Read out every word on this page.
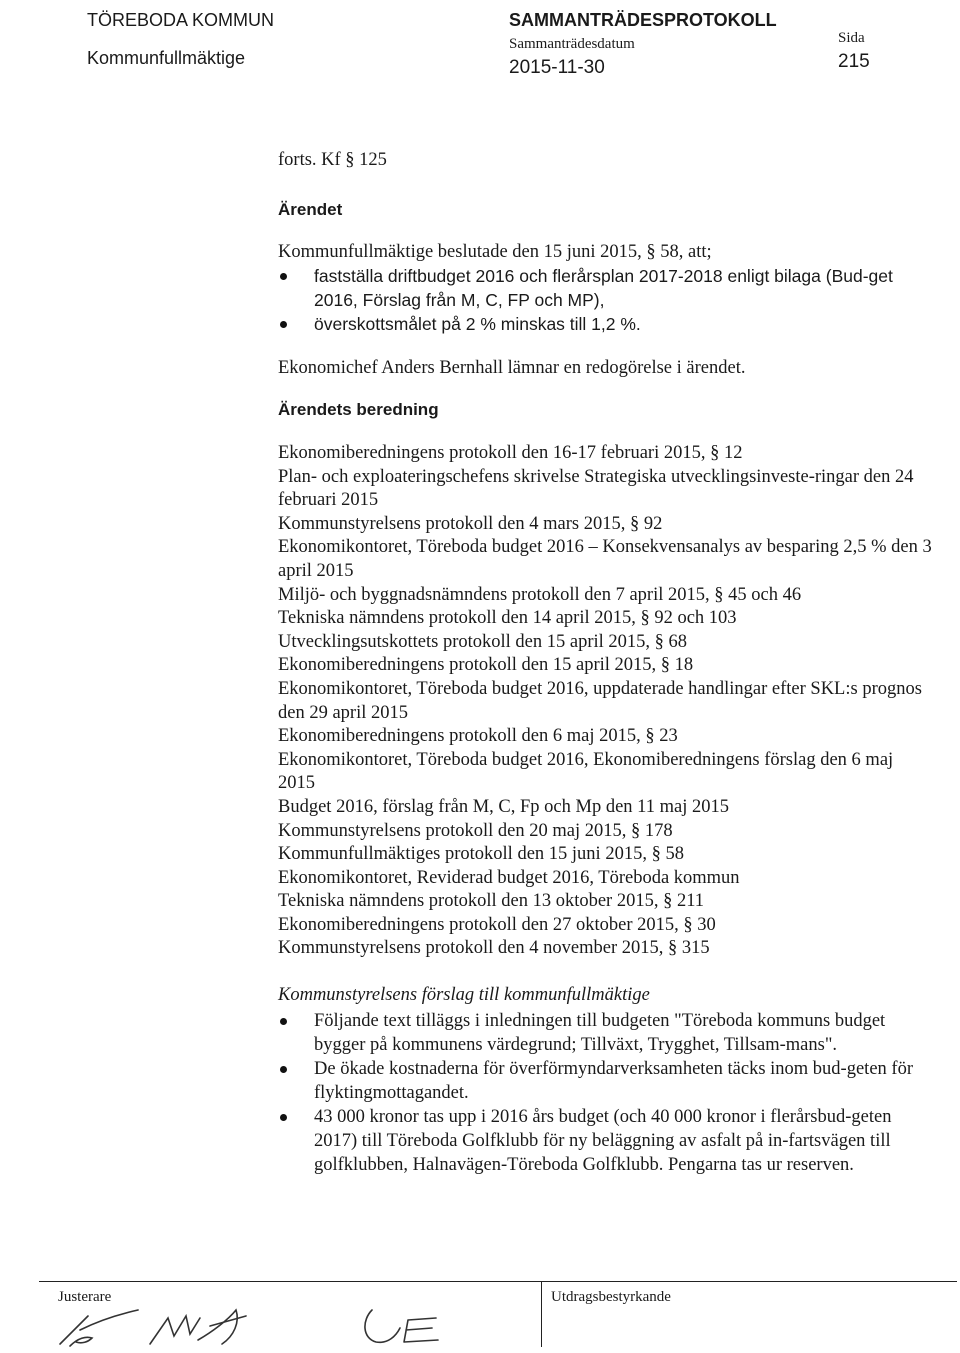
TÖREBODA KOMMUN
Kommunfullmäktige
SAMMANTRÄDESPROTOKOLL
Sammanträdesdatum
2015-11-30
Sida
215

forts. Kf § 125

Ärendet

Kommunfullmäktige beslutade den 15 juni 2015, § 58, att;

fastställa driftbudget 2016 och flerårsplan 2017-2018 enligt bilaga (Bud-get 2016, Förslag från M, C, FP och MP),
överskottsmålet på 2 % minskas till 1,2 %.

Ekonomichef Anders Bernhall lämnar en redogörelse i ärendet.

Ärendets beredning

Ekonomiberedningens protokoll den 16-17 februari 2015, § 12

Plan- och exploateringschefens skrivelse Strategiska utvecklingsinveste-ringar den 24 februari 2015

Kommunstyrelsens protokoll den 4 mars 2015, § 92

Ekonomikontoret, Töreboda budget 2016 – Konsekvensanalys av besparing 2,5 % den 3 april 2015

Miljö- och byggnadsnämndens protokoll den 7 april 2015, § 45 och 46

Tekniska nämndens protokoll den 14 april 2015, § 92 och 103

Utvecklingsutskottets protokoll den 15 april 2015, § 68

Ekonomiberedningens protokoll den 15 april 2015, § 18

Ekonomikontoret, Töreboda budget 2016, uppdaterade handlingar efter SKL:s prognos den 29 april 2015

Ekonomiberedningens protokoll den 6 maj 2015, § 23

Ekonomikontoret, Töreboda budget 2016, Ekonomiberedningens förslag den 6 maj 2015

Budget 2016, förslag från M, C, Fp och Mp den 11 maj 2015

Kommunstyrelsens protokoll den 20 maj 2015, § 178

Kommunfullmäktiges protokoll den 15 juni 2015, § 58

Ekonomikontoret, Reviderad budget 2016, Töreboda kommun

Tekniska nämndens protokoll den 13 oktober 2015, § 211

Ekonomiberedningens protokoll den 27 oktober 2015, § 30

Kommunstyrelsens protokoll den 4 november 2015, § 315

Kommunstyrelsens förslag till kommunfullmäktige

Följande text tilläggs i inledningen till budgeten "Töreboda kommuns budget bygger på kommunens värdegrund; Tillväxt, Trygghet, Tillsam-mans".
De ökade kostnaderna för överförmyndarverksamheten täcks inom bud-geten för flyktingmottagandet.
43 000 kronor tas upp i 2016 års budget (och 40 000 kronor i flerårsbud-geten 2017) till Töreboda Golfklubb för ny beläggning av asfalt på in-fartsvägen till golfklubben, Halnavägen-Töreboda Golfklubb. Pengarna tas ur reserven.
Justerare	Utdragsbestyrkande
